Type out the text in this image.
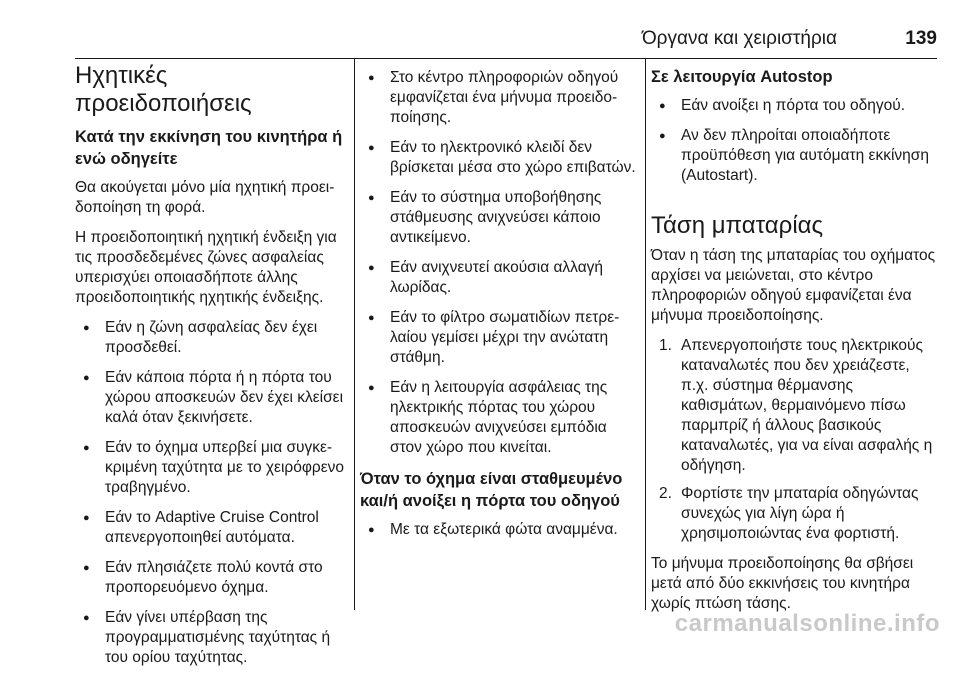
Όργανα και χειριστήρια	139
Ηχητικές προειδοποιήσεις
Κατά την εκκίνηση του κινητήρα ή ενώ οδηγείτε

Θα ακούγεται μόνο μία ηχητική προειδοποίηση τη φορά.

Η προειδοποιητική ηχητική ένδειξη για τις προσδεδεμένες ζώνες ασφαλείας υπερισχύει οποιασδήποτε άλλης προειδοποιητικής ηχητικής ένδειξης.

● Εάν η ζώνη ασφαλείας δεν έχει προσδεθεί.
● Εάν κάποια πόρτα ή η πόρτα του χώρου αποσκευών δεν έχει κλείσει καλά όταν ξεκινήσετε.
● Εάν το όχημα υπερβεί μια συγκεκριμένη ταχύτητα με το χειρόφρενο τραβηγμένο.
● Εάν το Adaptive Cruise Control απενεργοποιηθεί αυτόματα.
● Εάν πλησιάζετε πολύ κοντά στο προπορευόμενο όχημα.
● Εάν γίνει υπέρβαση της προγραμματισμένης ταχύτητας ή του ορίου ταχύτητας.
● Στο κέντρο πληροφοριών οδηγού εμφανίζεται ένα μήνυμα προειδοποίησης.
● Εάν το ηλεκτρονικό κλειδί δεν βρίσκεται μέσα στο χώρο επιβατών.
● Εάν το σύστημα υποβοήθησης στάθμευσης ανιχνεύσει κάποιο αντικείμενο.
● Εάν ανιχνευτεί ακούσια αλλαγή λωρίδας.
● Εάν το φίλτρο σωματιδίων πετρελαίου γεμίσει μέχρι την ανώτατη στάθμη.
● Εάν η λειτουργία ασφάλειας της ηλεκτρικής πόρτας του χώρου αποσκευών ανιχνεύσει εμπόδια στον χώρο που κινείται.
Όταν το όχημα είναι σταθμευμένο και/ή ανοίξει η πόρτα του οδηγού
● Με τα εξωτερικά φώτα αναμμένα.
Σε λειτουργία Autostop
● Εάν ανοίξει η πόρτα του οδηγού.
● Αν δεν πληροίται οποιαδήποτε προϋπόθεση για αυτόματη εκκίνηση (Autostart).
Τάση μπαταρίας

Όταν η τάση της μπαταρίας του οχήματος αρχίσει να μειώνεται, στο κέντρο πληροφοριών οδηγού εμφανίζεται ένα μήνυμα προειδοποίησης.

1. Απενεργοποιήστε τους ηλεκτρικούς καταναλωτές που δεν χρειάζεστε, π.χ. σύστημα θέρμανσης καθισμάτων, θερμαινόμενο πίσω παρμπρίζ ή άλλους βασικούς καταναλωτές, για να είναι ασφαλής η οδήγηση.
2. Φορτίστε την μπαταρία οδηγώντας συνεχώς για λίγη ώρα ή χρησιμοποιώντας ένα φορτιστή.

Το μήνυμα προειδοποίησης θα σβήσει μετά από δύο εκκινήσεις του κινητήρα χωρίς πτώση τάσης.

carmanualsonline.info
